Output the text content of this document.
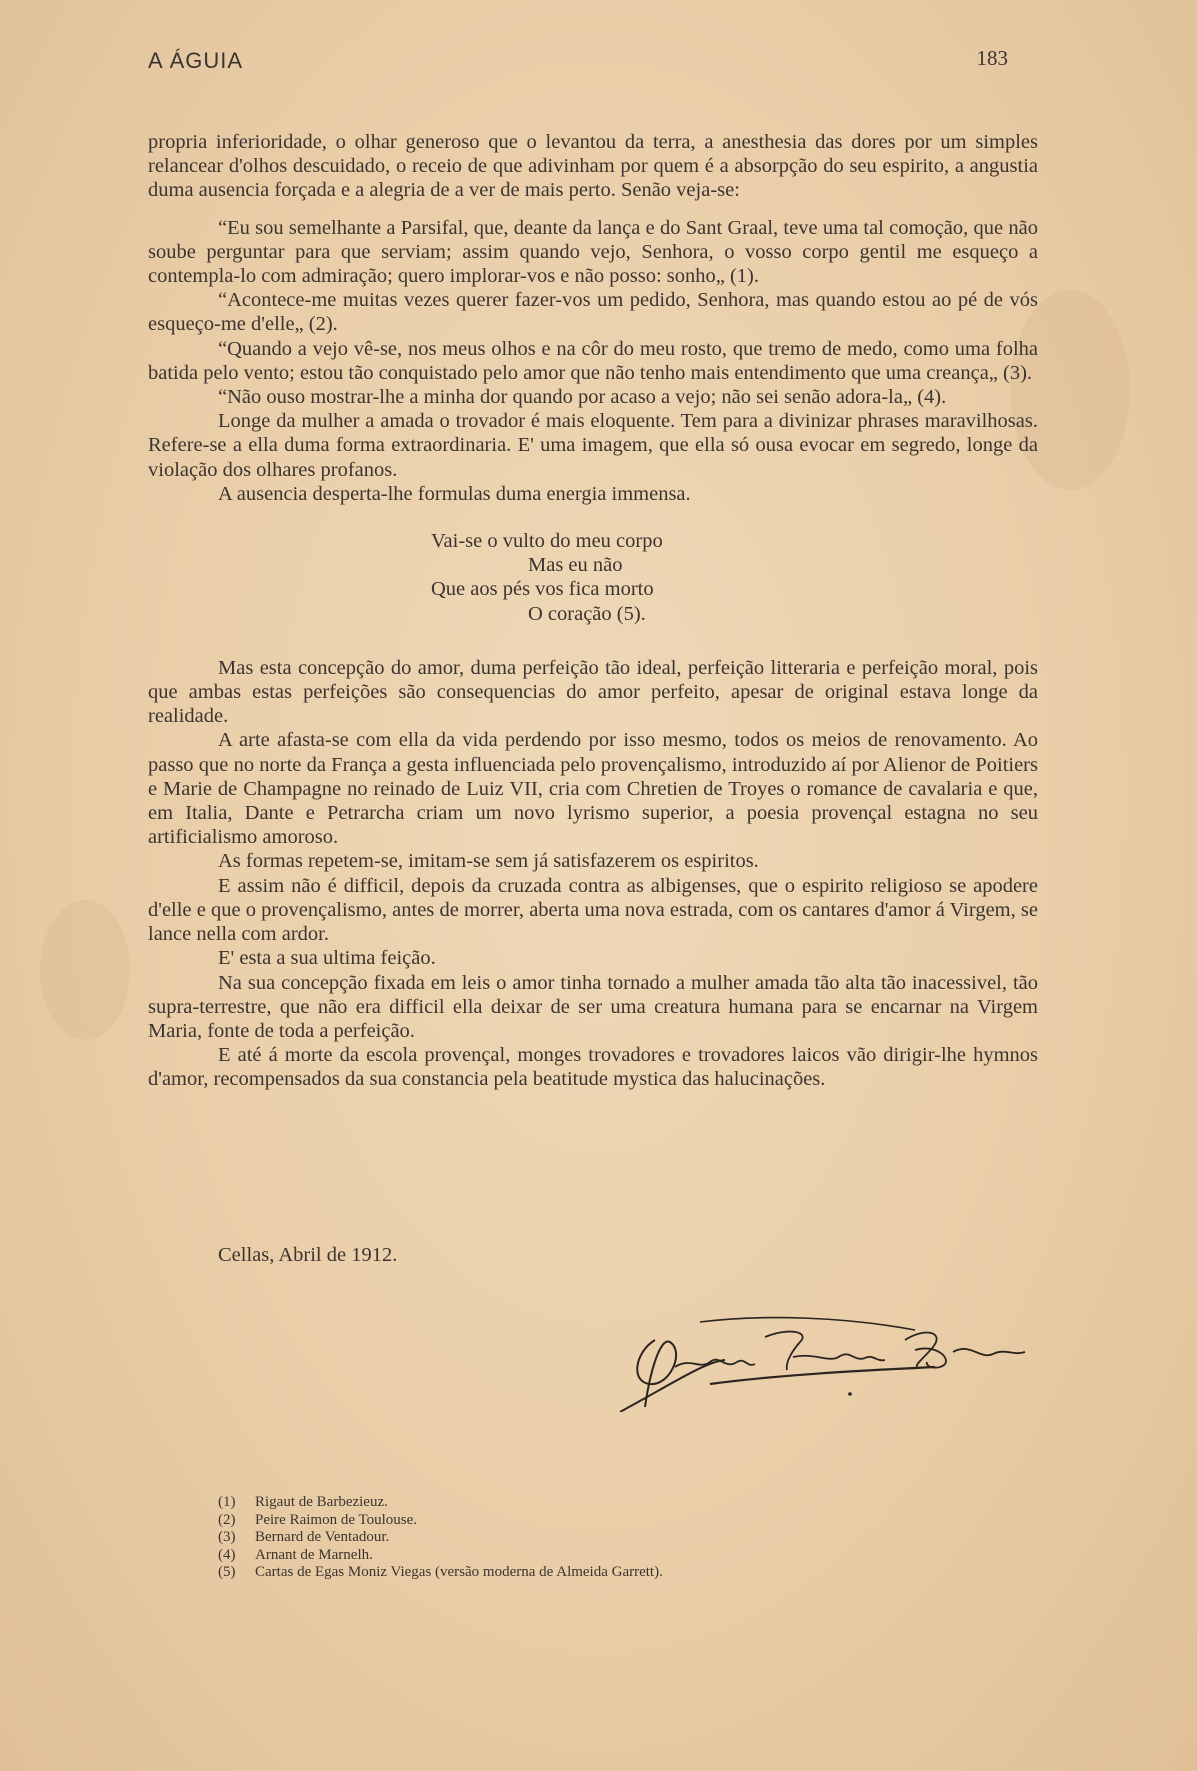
A ÁGUIA	183

propria inferioridade, o olhar generoso que o levantou da terra, a anesthesia das dores por um simples relancear d'olhos descuidado, o receio de que adivinham por quem é a absorpção do seu espirito, a angustia duma ausencia forçada e a alegria de a ver de mais perto. Senão veja-se:

“Eu sou semelhante a Parsifal, que, deante da lança e do Sant Graal, teve uma tal comoção, que não soube perguntar para que serviam; assim quando vejo, Senhora, o vosso corpo gentil me esqueço a contempla-lo com admiração; quero implorar-vos e não posso: sonho„ (1).

“Acontece-me muitas vezes querer fazer-vos um pedido, Senhora, mas quando estou ao pé de vós esqueço-me d'elle„ (2).

“Quando a vejo vê-se, nos meus olhos e na côr do meu rosto, que tremo de medo, como uma folha batida pelo vento; estou tão conquistado pelo amor que não tenho mais entendimento que uma creança„ (3).

“Não ouso mostrar-lhe a minha dor quando por acaso a vejo; não sei senão adora-la„ (4).

Longe da mulher a amada o trovador é mais eloquente. Tem para a divinizar phrases maravilhosas. Refere-se a ella duma forma extraordinaria. E' uma imagem, que ella só ousa evocar em segredo, longe da violação dos olhares profanos.

A ausencia desperta-lhe formulas duma energia immensa.

Vai-se o vulto do meu corpo
Mas eu não
Que aos pés vos fica morto
O coração (5).

Mas esta concepção do amor, duma perfeição tão ideal, perfeição litteraria e perfeição moral, pois que ambas estas perfeições são consequencias do amor perfeito, apesar de original estava longe da realidade.

A arte afasta-se com ella da vida perdendo por isso mesmo, todos os meios de renovamento. Ao passo que no norte da França a gesta influenciada pelo provençalismo, introduzido aí por Alienor de Poitiers e Marie de Champagne no reinado de Luiz VII, cria com Chretien de Troyes o romance de cavalaria e que, em Italia, Dante e Petrarcha criam um novo lyrismo superior, a poesia provençal estagna no seu artificialismo amoroso.

As formas repetem-se, imitam-se sem já satisfazerem os espiritos.

E assim não é difficil, depois da cruzada contra as albigenses, que o espirito religioso se apodere d'elle e que o provençalismo, antes de morrer, aberta uma nova estrada, com os cantares d'amor á Virgem, se lance nella com ardor.

E' esta a sua ultima feição.

Na sua concepção fixada em leis o amor tinha tornado a mulher amada tão alta tão inacessivel, tão supra-terrestre, que não era difficil ella deixar de ser uma creatura humana para se encarnar na Virgem Maria, fonte de toda a perfeição.

E até á morte da escola provençal, monges trovadores e trovadores laicos vão dirigir-lhe hymnos d'amor, recompensados da sua constancia pela beatitude mystica das halucinações.

Cellas, Abril de 1912.
(1)	Rigaut de Barbezieuz.
(2)	Peire Raimon de Toulouse.
(3)	Bernard de Ventadour.
(4)	Arnant de Marnelh.
(5)	Cartas de Egas Moniz Viegas (versão moderna de Almeida Garrett).
